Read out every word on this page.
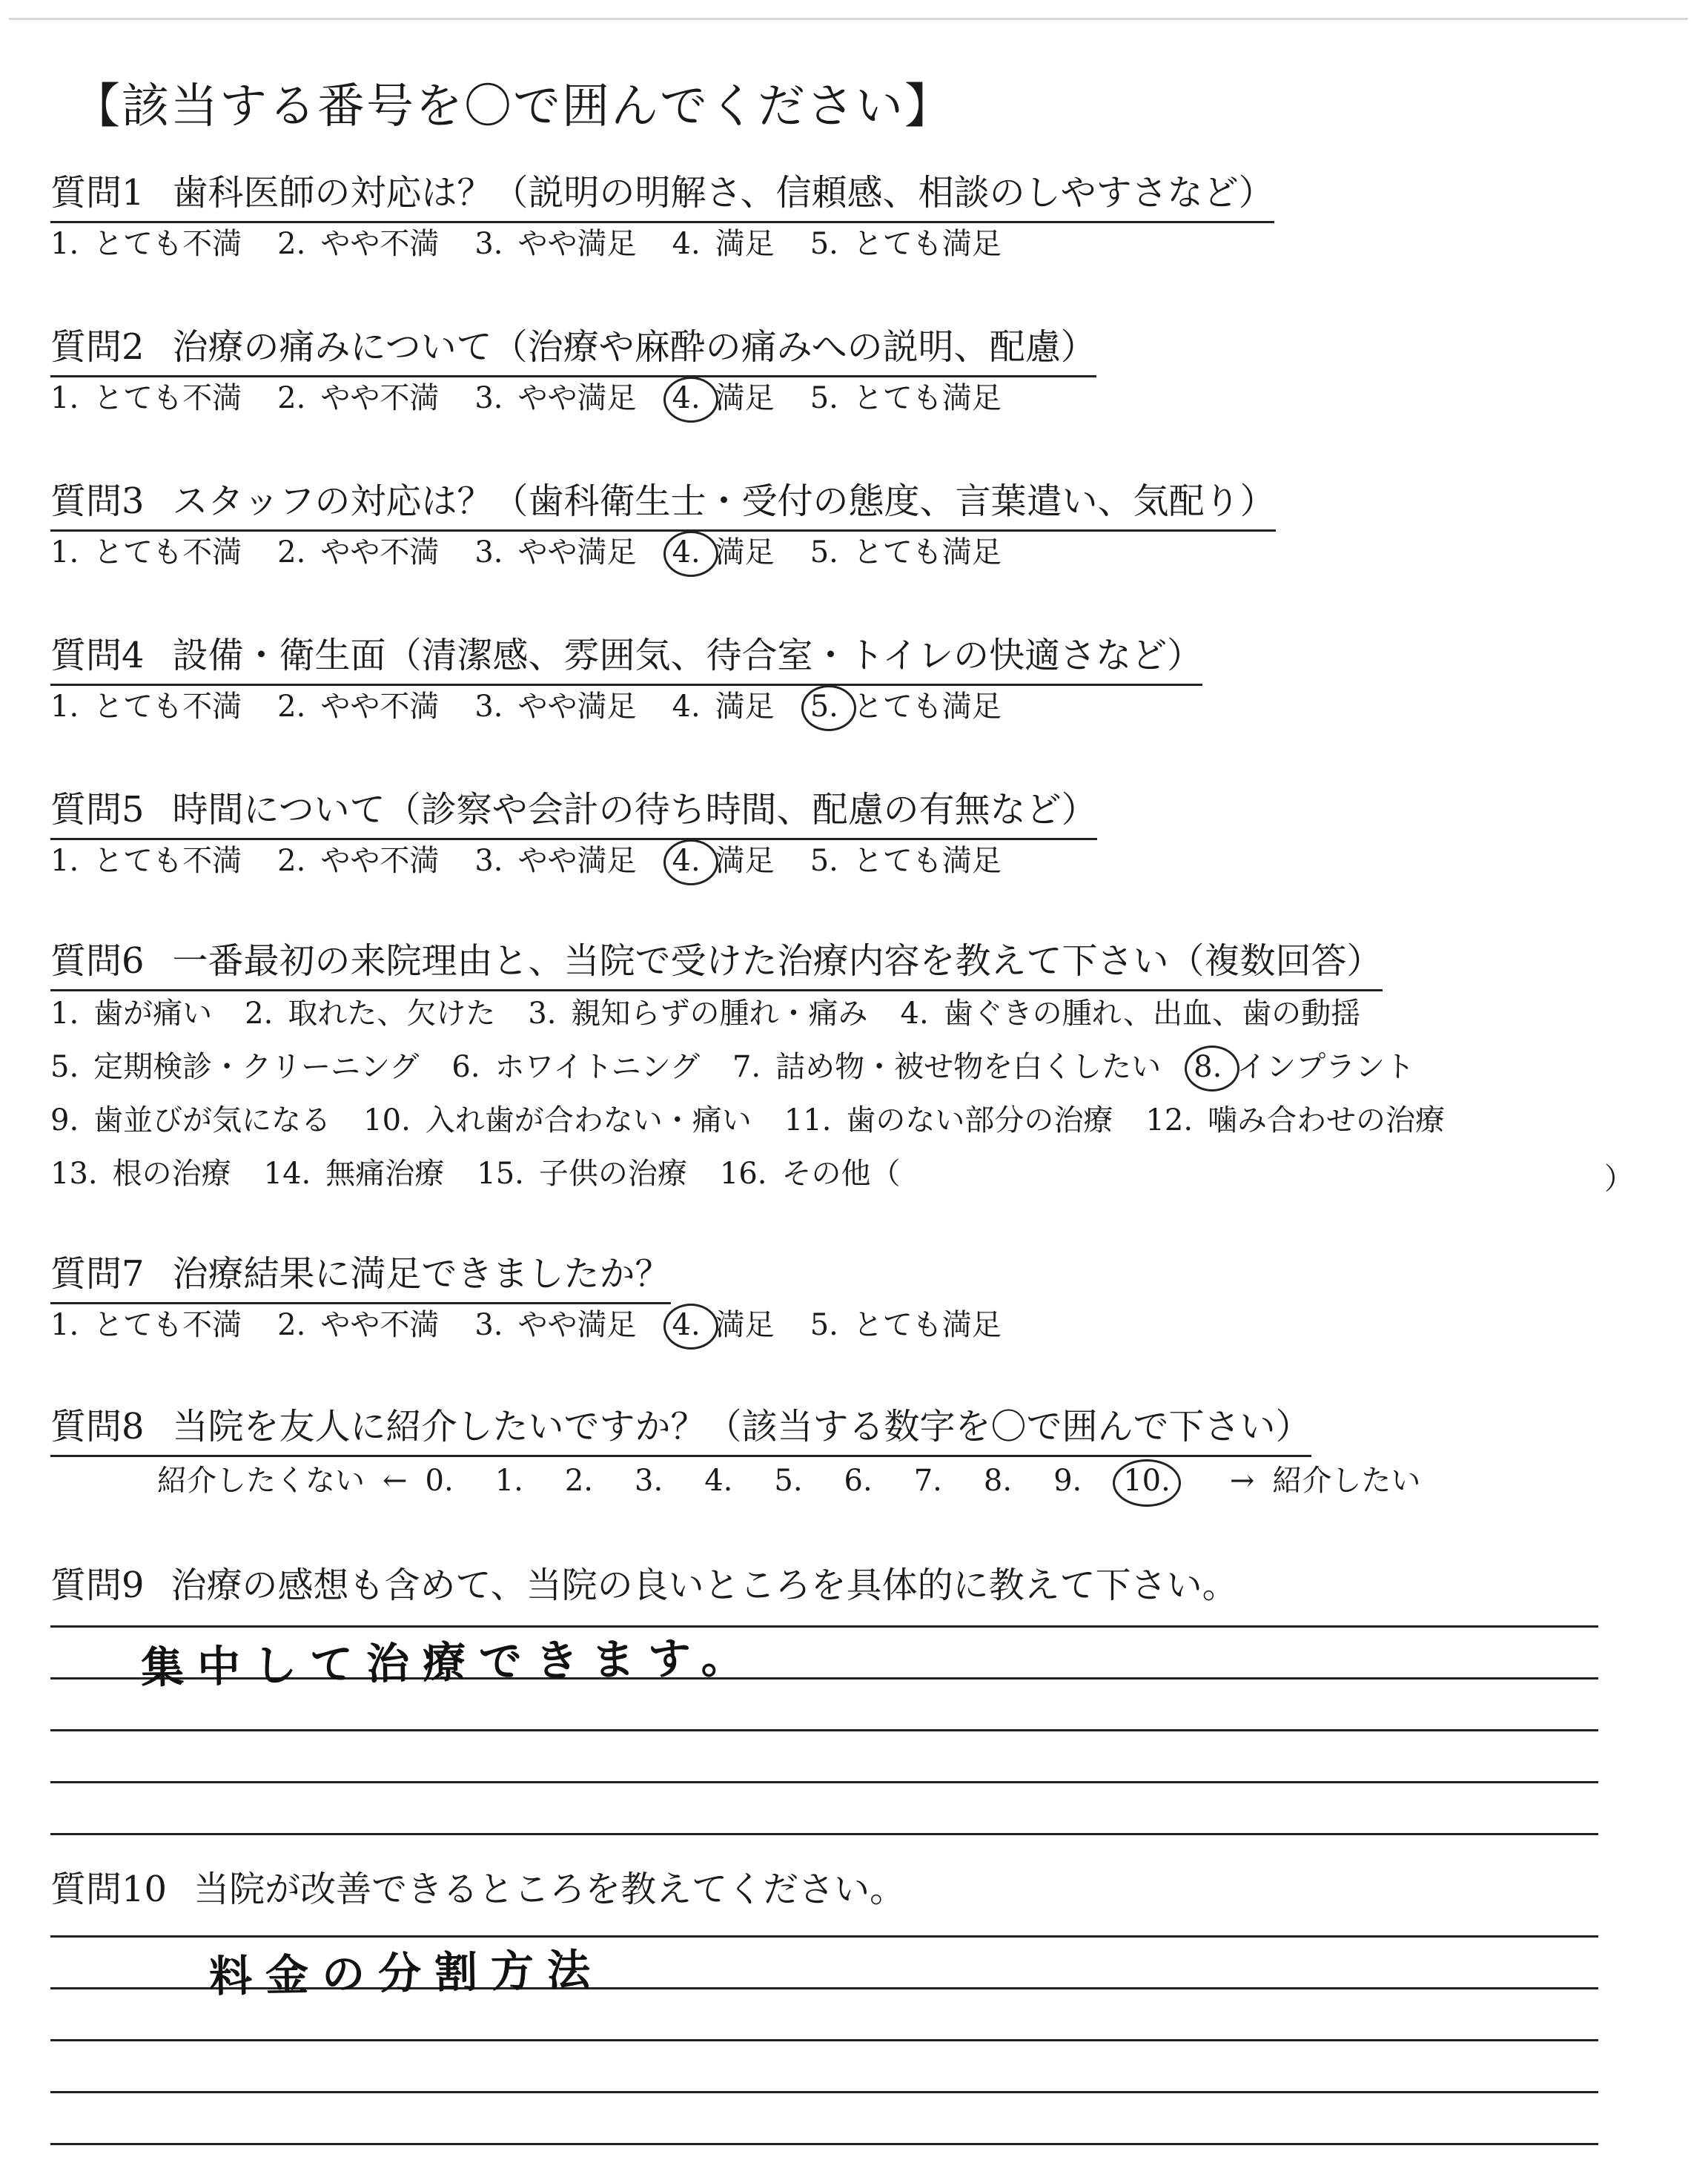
【該当する番号を〇で囲んでください】
質問1 歯科医師の対応は？（説明の明解さ、信頼感、相談のしやすさなど）
1. とても不満 2. やや不満 3. やや満足 4. 満足 5. とても満足
質問2 治療の痛みについて（治療や麻酔の痛みへの説明、配慮）
1. とても不満 2. やや不満 3. やや満足 4. 満足 5. とても満足
質問3 スタッフの対応は？（歯科衛生士・受付の態度、言葉遣い、気配り）
1. とても不満 2. やや不満 3. やや満足 4. 満足 5. とても満足
質問4 設備・衛生面（清潔感、雰囲気、待合室・トイレの快適さなど）
1. とても不満 2. やや不満 3. やや満足 4. 満足 5. とても満足
質問5 時間について（診察や会計の待ち時間、配慮の有無など）
1. とても不満 2. やや不満 3. やや満足 4. 満足 5. とても満足
質問6 一番最初の来院理由と、当院で受けた治療内容を教えて下さい（複数回答）
1. 歯が痛い 2. 取れた、欠けた 3. 親知らずの腫れ・痛み 4. 歯ぐきの腫れ、出血、歯の動揺
5. 定期検診・クリーニング 6. ホワイトニング 7. 詰め物・被せ物を白くしたい 8. インプラント
9. 歯並びが気になる 10. 入れ歯が合わない・痛い 11. 歯のない部分の治療 12. 噛み合わせの治療
13. 根の治療 14. 無痛治療 15. 子供の治療 16. その他（	）
質問7 治療結果に満足できましたか？
1. とても不満 2. やや不満 3. やや満足 4. 満足 5. とても満足
質問8 当院を友人に紹介したいですか？（該当する数字を〇で囲んで下さい）
紹介したくない ← 0. 1. 2. 3. 4. 5. 6. 7. 8. 9. 10. → 紹介したい
質問9 治療の感想も含めて、当院の良いところを具体的に教えて下さい。
集中して治療できます。
質問10 当院が改善できるところを教えてください。
料金の分割方法
